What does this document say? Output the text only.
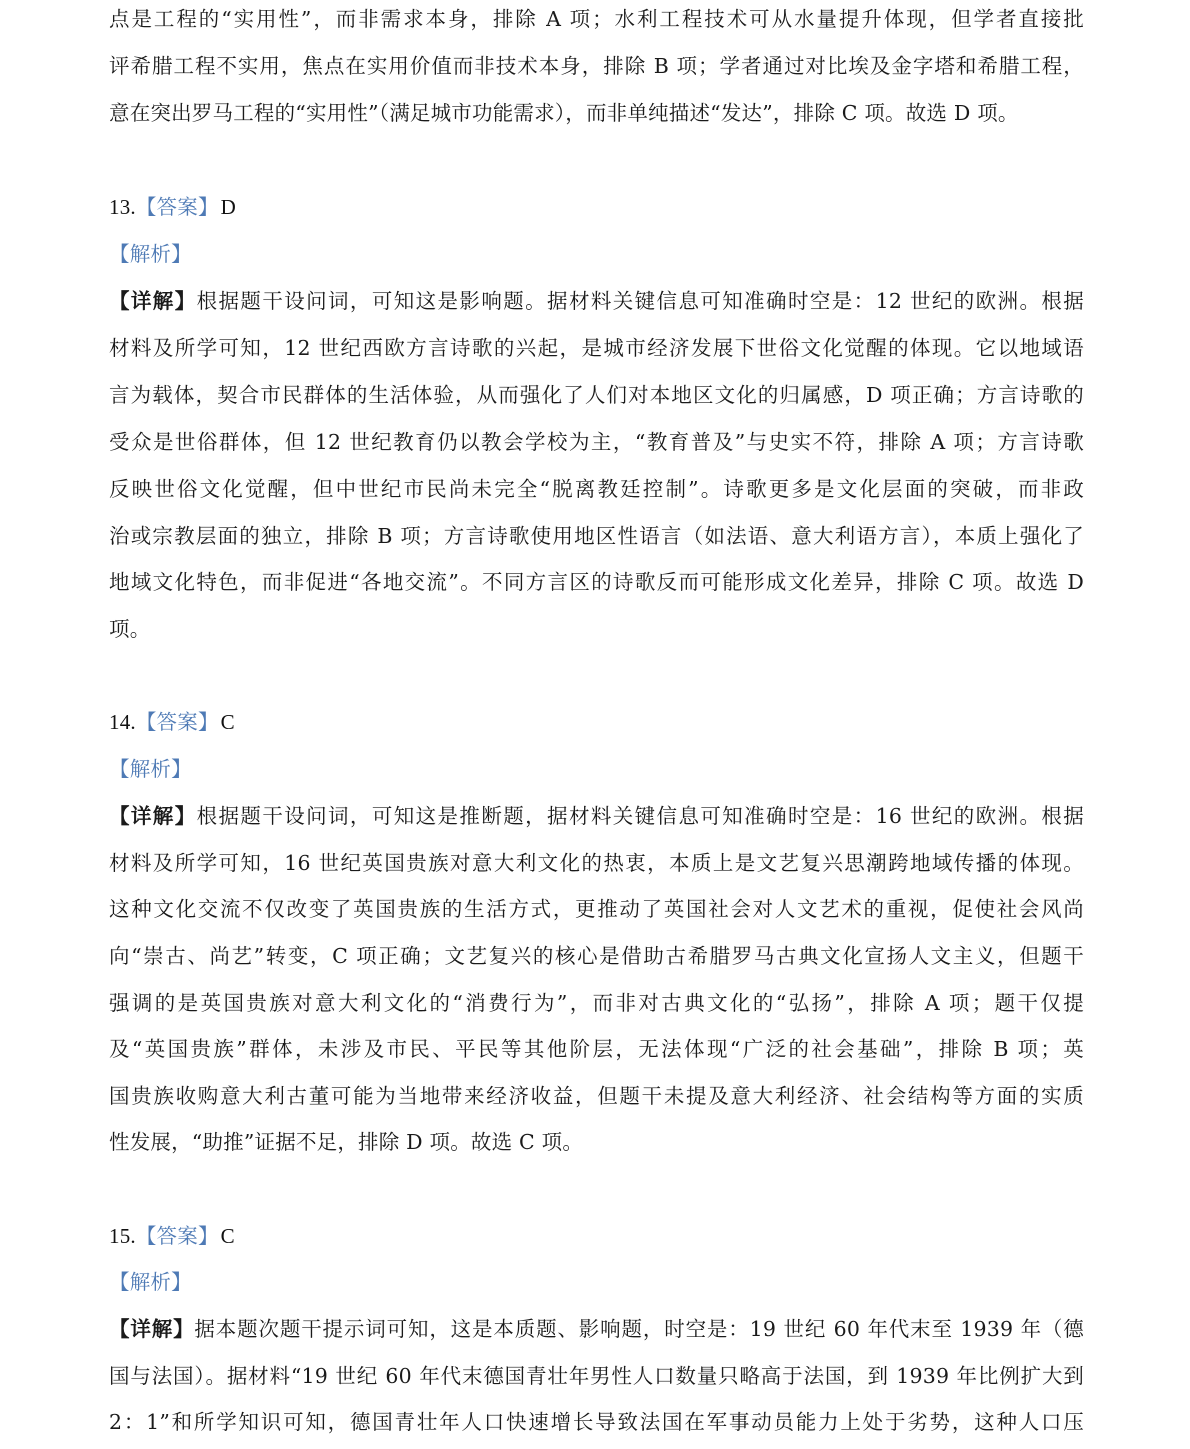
点是工程的“实用性”，而非需求本身，排除 A 项；水利工程技术可从水量提升体现，但学者直接批
评希腊工程不实用，焦点在实用价值而非技术本身，排除 B 项；学者通过对比埃及金字塔和希腊工程，
意在突出罗马工程的“实用性”（满足城市功能需求），而非单纯描述“发达”，排除 C 项。故选 D 项。
13.【答案】D
【解析】
【详解】根据题干设问词，可知这是影响题。据材料关键信息可知准确时空是：12 世纪的欧洲。根据
材料及所学可知，12 世纪西欧方言诗歌的兴起，是城市经济发展下世俗文化觉醒的体现。它以地域语
言为载体，契合市民群体的生活体验，从而强化了人们对本地区文化的归属感，D 项正确；方言诗歌的
受众是世俗群体，但 12 世纪教育仍以教会学校为主，“教育普及”与史实不符，排除 A 项；方言诗歌
反映世俗文化觉醒，但中世纪市民尚未完全“脱离教廷控制”。诗歌更多是文化层面的突破，而非政
治或宗教层面的独立，排除 B 项；方言诗歌使用地区性语言（如法语、意大利语方言），本质上强化了
地域文化特色，而非促进“各地交流”。不同方言区的诗歌反而可能形成文化差异，排除 C 项。故选 D
项。
14.【答案】C
【解析】
【详解】根据题干设问词，可知这是推断题，据材料关键信息可知准确时空是：16 世纪的欧洲。根据
材料及所学可知，16 世纪英国贵族对意大利文化的热衷，本质上是文艺复兴思潮跨地域传播的体现。
这种文化交流不仅改变了英国贵族的生活方式，更推动了英国社会对人文艺术的重视，促使社会风尚
向“崇古、尚艺”转变，C 项正确；文艺复兴的核心是借助古希腊罗马古典文化宣扬人文主义，但题干
强调的是英国贵族对意大利文化的“消费行为”，而非对古典文化的“弘扬”，排除 A 项；题干仅提
及“英国贵族”群体，未涉及市民、平民等其他阶层，无法体现“广泛的社会基础”，排除 B 项；英
国贵族收购意大利古董可能为当地带来经济收益，但题干未提及意大利经济、社会结构等方面的实质
性发展，“助推”证据不足，排除 D 项。故选 C 项。
15.【答案】C
【解析】
【详解】据本题次题干提示词可知，这是本质题、影响题，时空是：19 世纪 60 年代末至 1939 年（德
国与法国）。据材料“19 世纪 60 年代末德国青壮年男性人口数量只略高于法国，到 1939 年比例扩大到
2：1”和所学知识可知，德国青壮年人口快速增长导致法国在军事动员能力上处于劣势，这种人口压
